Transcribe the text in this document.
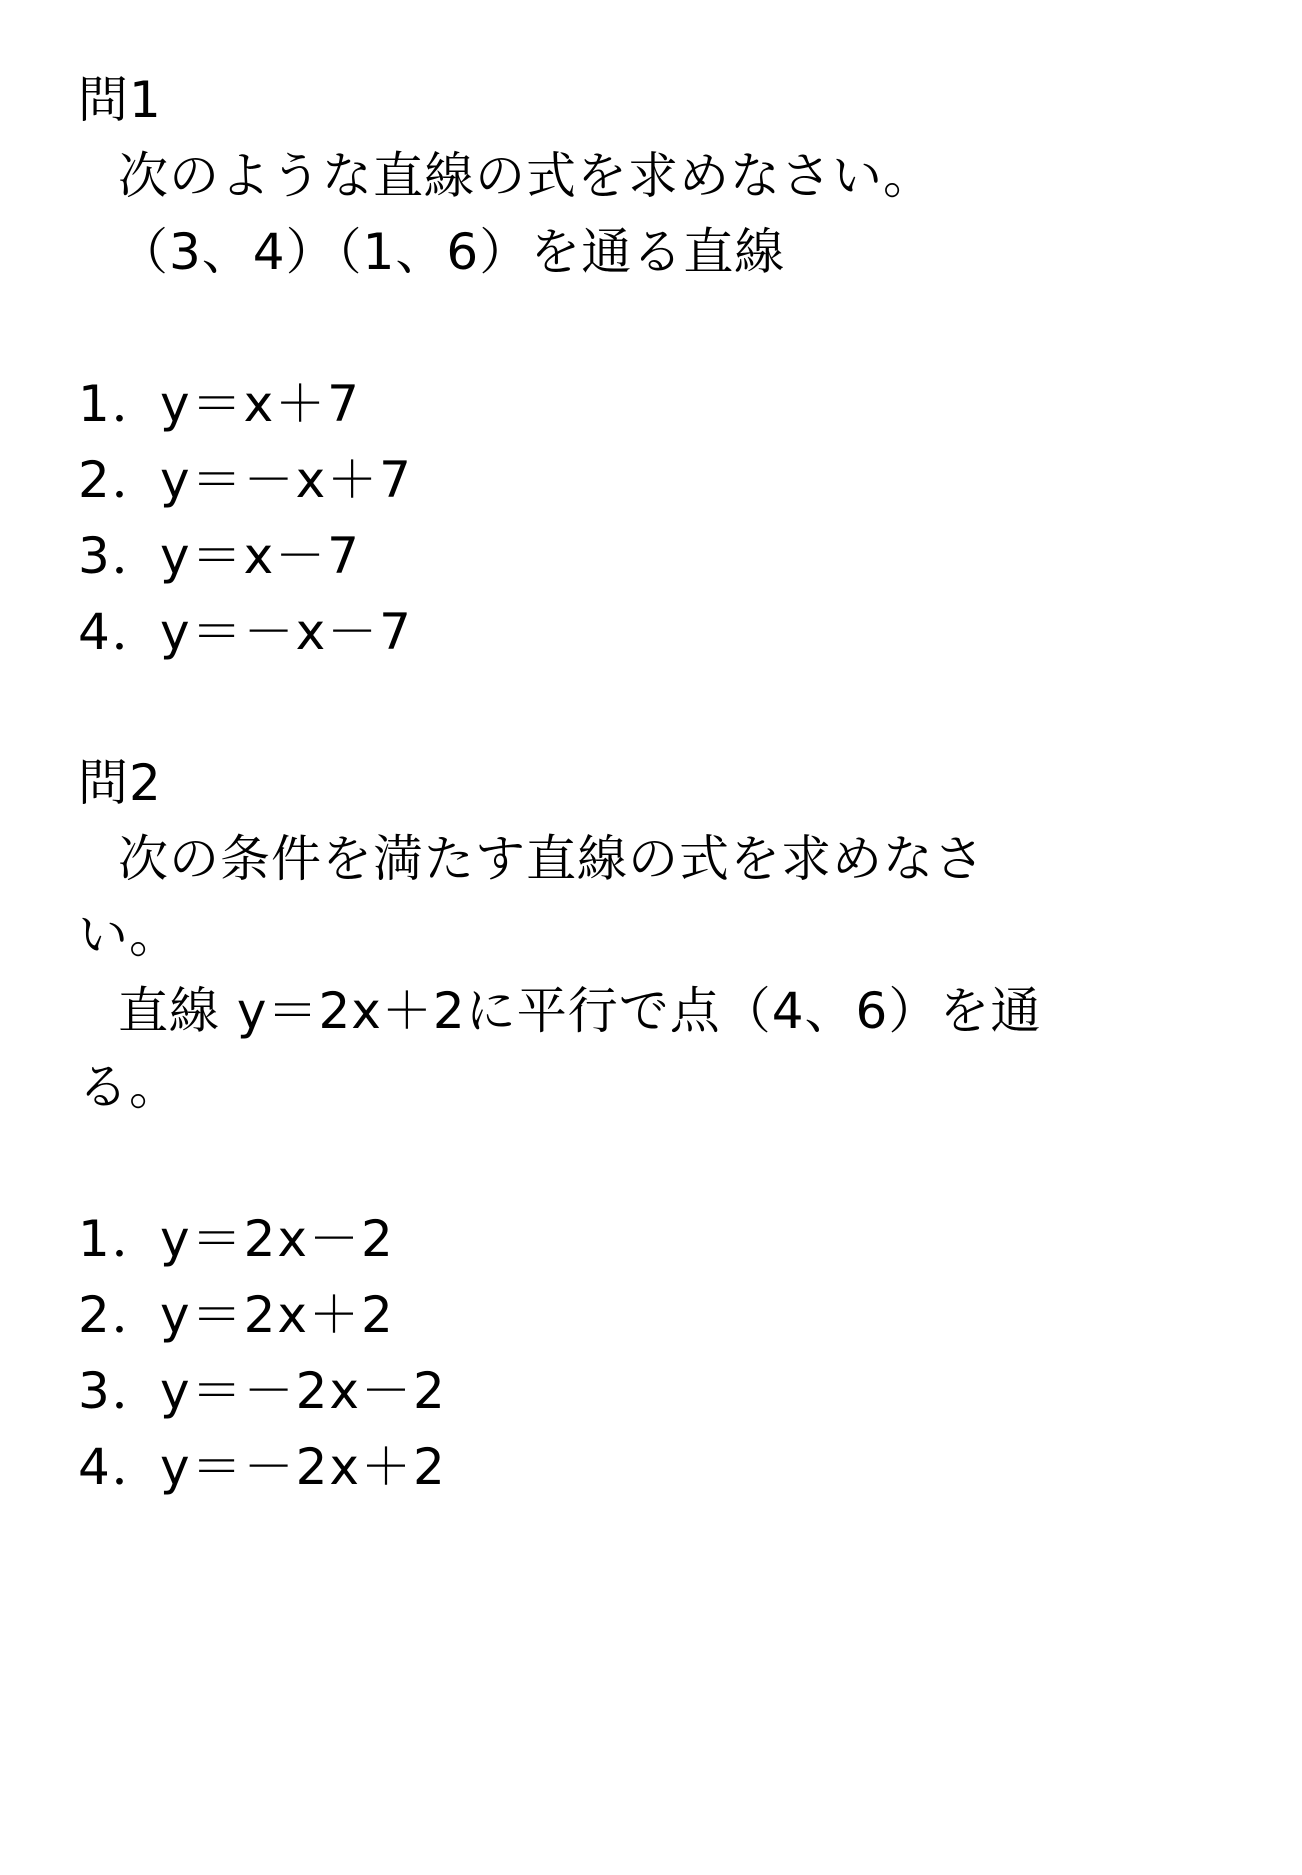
問1
次のような直線の式を求めなさい。
（3、4）（1、6）を通る直線
1．y＝x＋7
2．y＝－x＋7
3．y＝x－7
4．y＝－x－7
問2
次の条件を満たす直線の式を求めなさ
い。
直線 y＝2x＋2に平行で点（4、6）を通
る。
1．y＝2x－2
2．y＝2x＋2
3．y＝－2x－2
4．y＝－2x＋2
